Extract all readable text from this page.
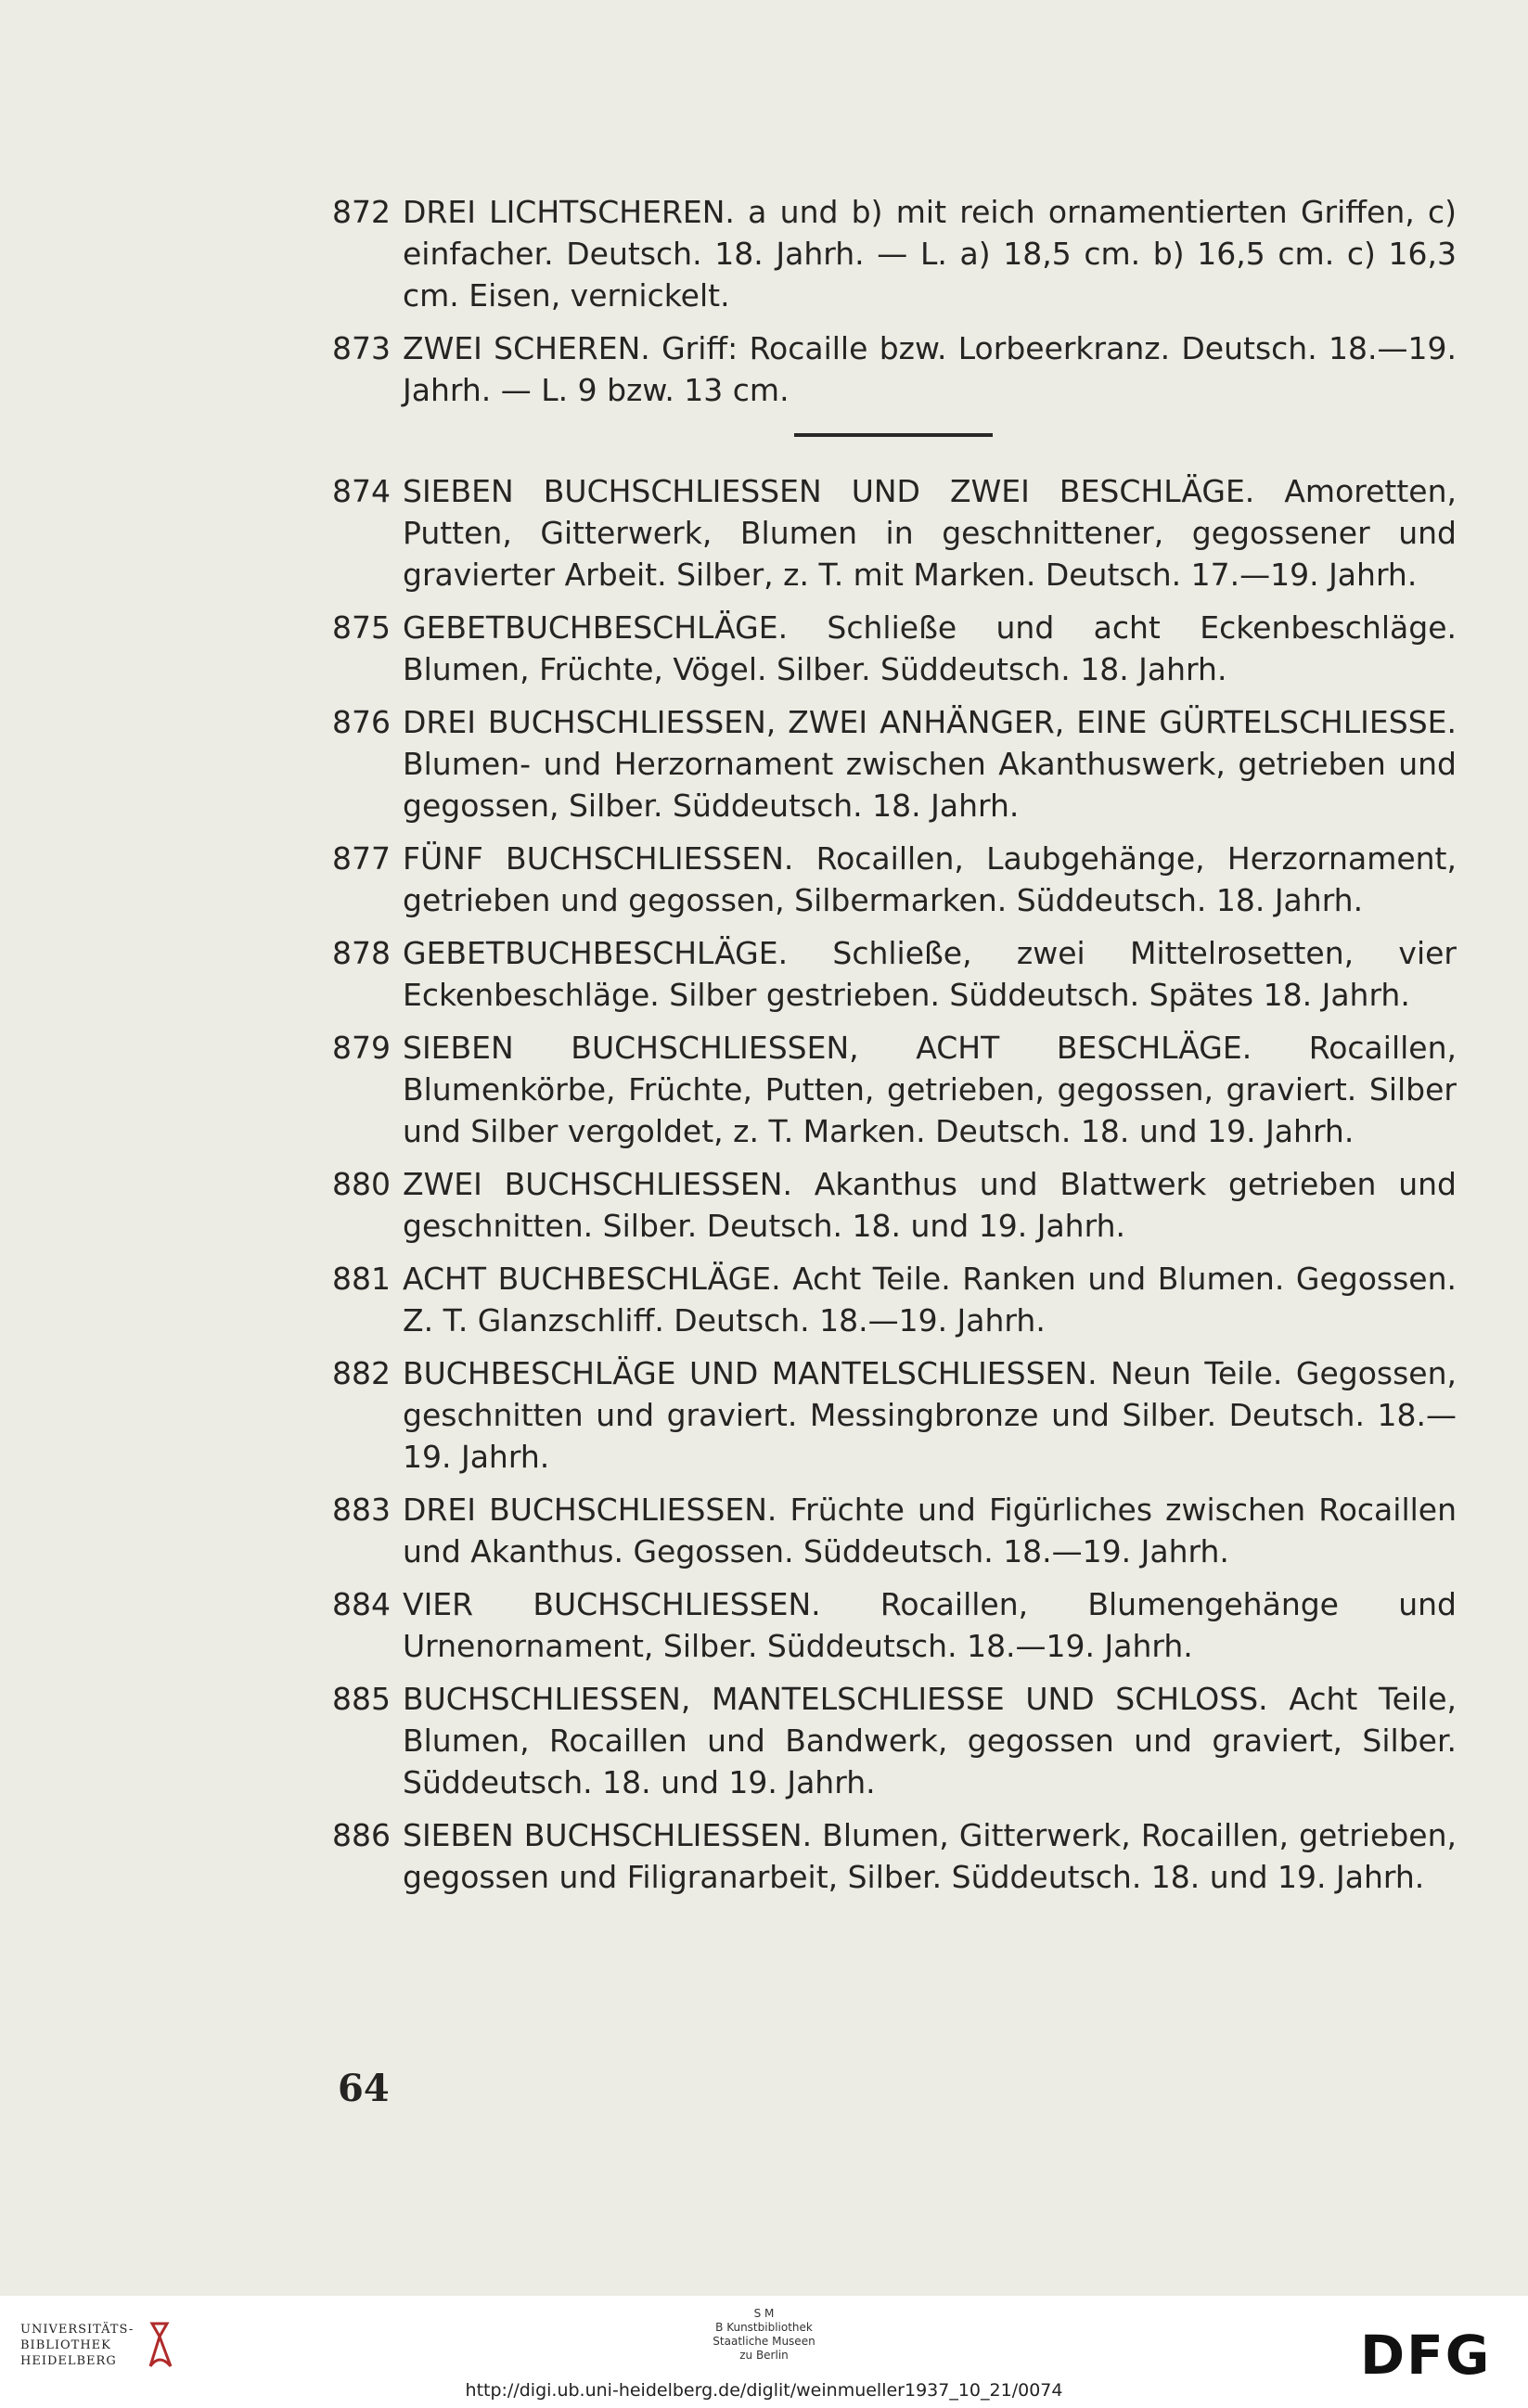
872 DREI LICHTSCHEREN. a und b) mit reich ornamentierten Griffen, c) einfacher. Deutsch. 18. Jahrh. — L. a) 18,5 cm. b) 16,5 cm. c) 16,3 cm. Eisen, vernickelt.
873 ZWEI SCHEREN. Griff: Rocaille bzw. Lorbeerkranz. Deutsch. 18.—19. Jahrh. — L. 9 bzw. 13 cm.
874 SIEBEN BUCHSCHLIESSEN UND ZWEI BESCHLÄGE. Amoretten, Putten, Gitterwerk, Blumen in geschnittener, gegossener und gravierter Arbeit. Silber, z. T. mit Marken. Deutsch. 17.—19. Jahrh.
875 GEBETBUCHBESCHLÄGE. Schließe und acht Eckenbeschläge. Blumen, Früchte, Vögel. Silber. Süddeutsch. 18. Jahrh.
876 DREI BUCHSCHLIESSEN, ZWEI ANHÄNGER, EINE GÜRTELSCHLIESSE. Blumen- und Herzornament zwischen Akanthuswerk, getrieben und gegossen, Silber. Süddeutsch. 18. Jahrh.
877 FÜNF BUCHSCHLIESSEN. Rocaillen, Laubgehänge, Herzornament, getrieben und gegossen, Silbermarken. Süddeutsch. 18. Jahrh.
878 GEBETBUCHBESCHLÄGE. Schließe, zwei Mittelrosetten, vier Eckenbeschläge. Silber gestrieben. Süddeutsch. Spätes 18. Jahrh.
879 SIEBEN BUCHSCHLIESSEN, ACHT BESCHLÄGE. Rocaillen, Blumenkörbe, Früchte, Putten, getrieben, gegossen, graviert. Silber und Silber vergoldet, z. T. Marken. Deutsch. 18. und 19. Jahrh.
880 ZWEI BUCHSCHLIESSEN. Akanthus und Blattwerk getrieben und geschnitten. Silber. Deutsch. 18. und 19. Jahrh.
881 ACHT BUCHBESCHLÄGE. Acht Teile. Ranken und Blumen. Gegossen. Z. T. Glanzschliff. Deutsch. 18.—19. Jahrh.
882 BUCHBESCHLÄGE UND MANTELSCHLIESSEN. Neun Teile. Gegossen, geschnitten und graviert. Messingbronze und Silber. Deutsch. 18.—19. Jahrh.
883 DREI BUCHSCHLIESSEN. Früchte und Figürliches zwischen Rocaillen und Akanthus. Gegossen. Süddeutsch. 18.—19. Jahrh.
884 VIER BUCHSCHLIESSEN. Rocaillen, Blumengehänge und Urnenornament, Silber. Süddeutsch. 18.—19. Jahrh.
885 BUCHSCHLIESSEN, MANTELSCHLIESSE UND SCHLOSS. Acht Teile, Blumen, Rocaillen und Bandwerk, gegossen und graviert, Silber. Süddeutsch. 18. und 19. Jahrh.
886 SIEBEN BUCHSCHLIESSEN. Blumen, Gitterwerk, Rocaillen, getrieben, gegossen und Filigranarbeit, Silber. Süddeutsch. 18. und 19. Jahrh.
64
UNIVERSITÄTS-
BIBLIOTHEK
HEIDELBERG
S M
B Kunstbibliothek
Staatliche Museen
zu Berlin
http://digi.ub.uni-heidelberg.de/diglit/weinmueller1937_10_21/0074
DFG
